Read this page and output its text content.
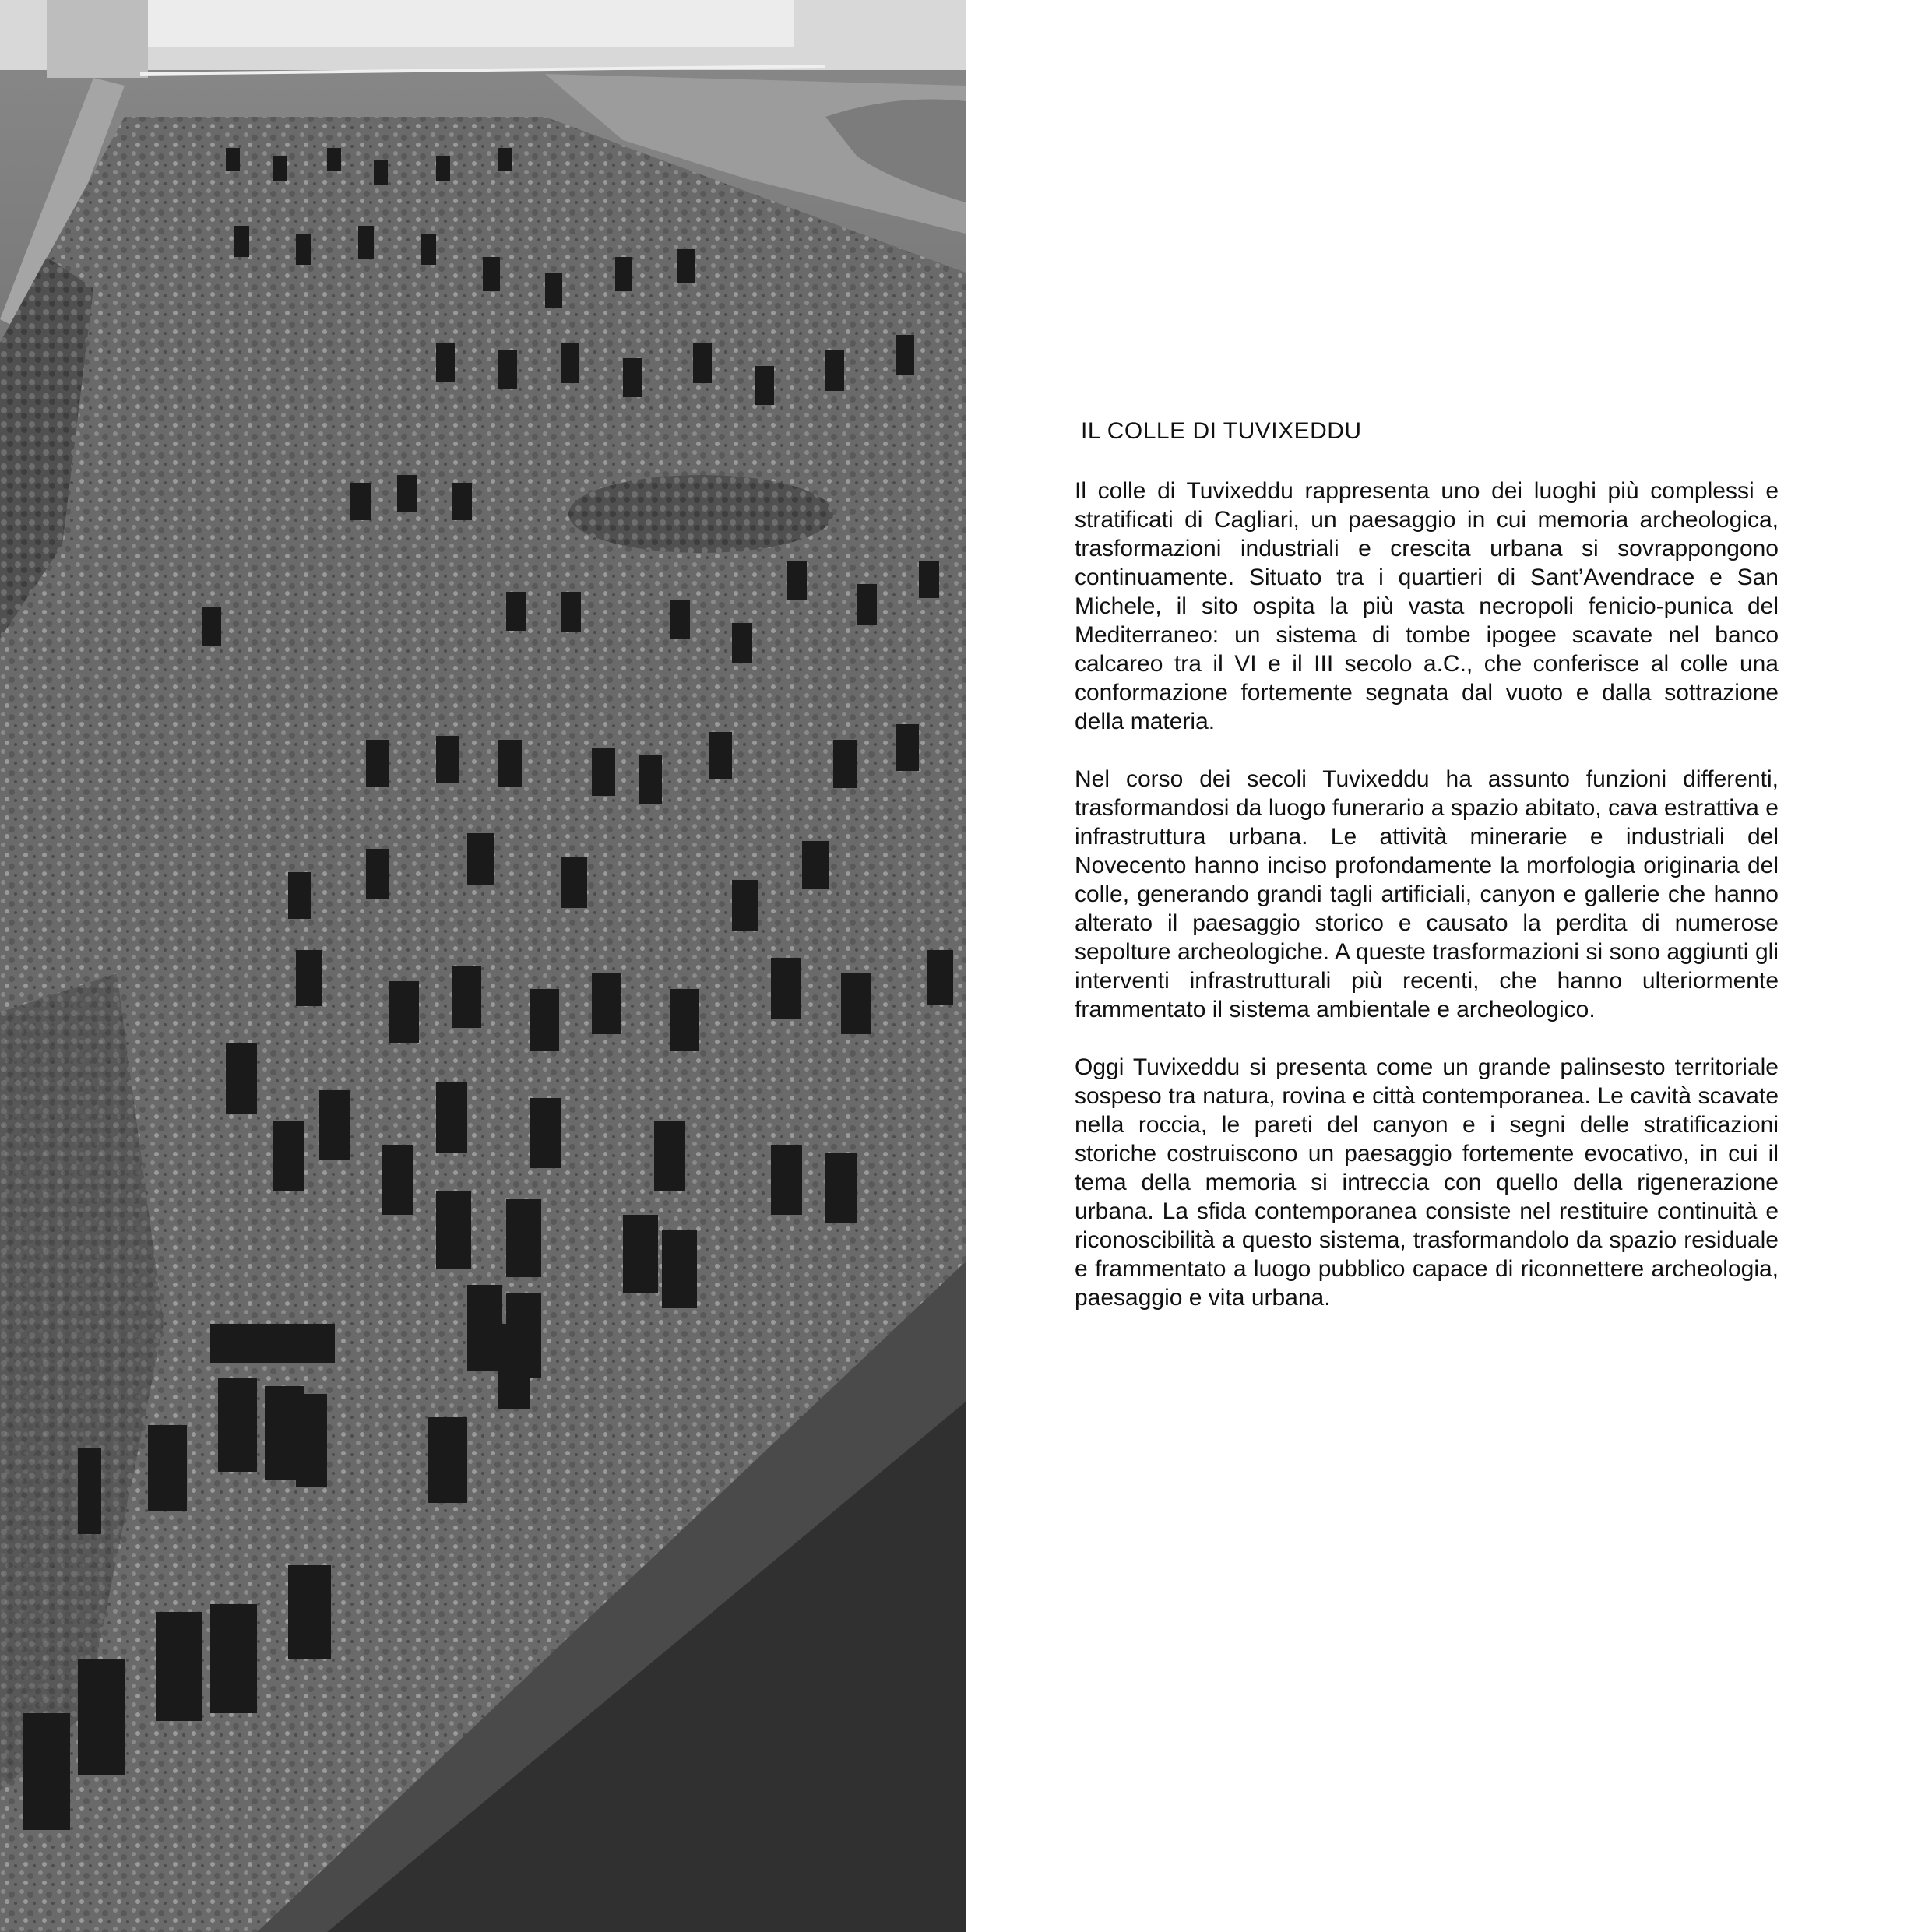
IL COLLE DI TUVIXEDDU

Il colle di Tuvixeddu rappresenta uno dei luoghi più complessi e stratificati di Cagliari, un paesaggio in cui memoria archeologica, trasformazioni industriali e crescita urbana si sovrappongono continuamente. Situato tra i quartieri di Sant’Avendrace e San Michele, il sito ospita la più vasta necropoli fenicio-punica del Mediterraneo: un sistema di tombe ipogee scavate nel banco calcareo tra il VI e il III secolo a.C., che conferisce al colle una conformazione fortemente segnata dal vuoto e dalla sottrazione della materia.

Nel corso dei secoli Tuvixeddu ha assunto funzioni differenti, trasformandosi da luogo funerario a spazio abitato, cava estrattiva e infrastruttura urbana. Le attività minerarie e industriali del Novecento hanno inciso profondamente la morfologia originaria del colle, generando grandi tagli artificiali, canyon e gallerie che hanno alterato il paesaggio storico e causato la perdita di numerose sepolture archeologiche. A queste trasformazioni si sono aggiunti gli interventi infrastrutturali più recenti, che hanno ulteriormente frammentato il sistema ambientale e archeologico.

Oggi Tuvixeddu si presenta come un grande palinsesto territoriale sospeso tra natura, rovina e città contemporanea. Le cavità scavate nella roccia, le pareti del canyon e i segni delle stratificazioni storiche costruiscono un paesaggio fortemente evocativo, in cui il tema della memoria si intreccia con quello della rigenerazione urbana. La sfida contemporanea consiste nel restituire continuità e riconoscibilità a questo sistema, trasformandolo da spazio residuale e frammentato a luogo pubblico capace di riconnettere archeologia, paesaggio e vita urbana.
